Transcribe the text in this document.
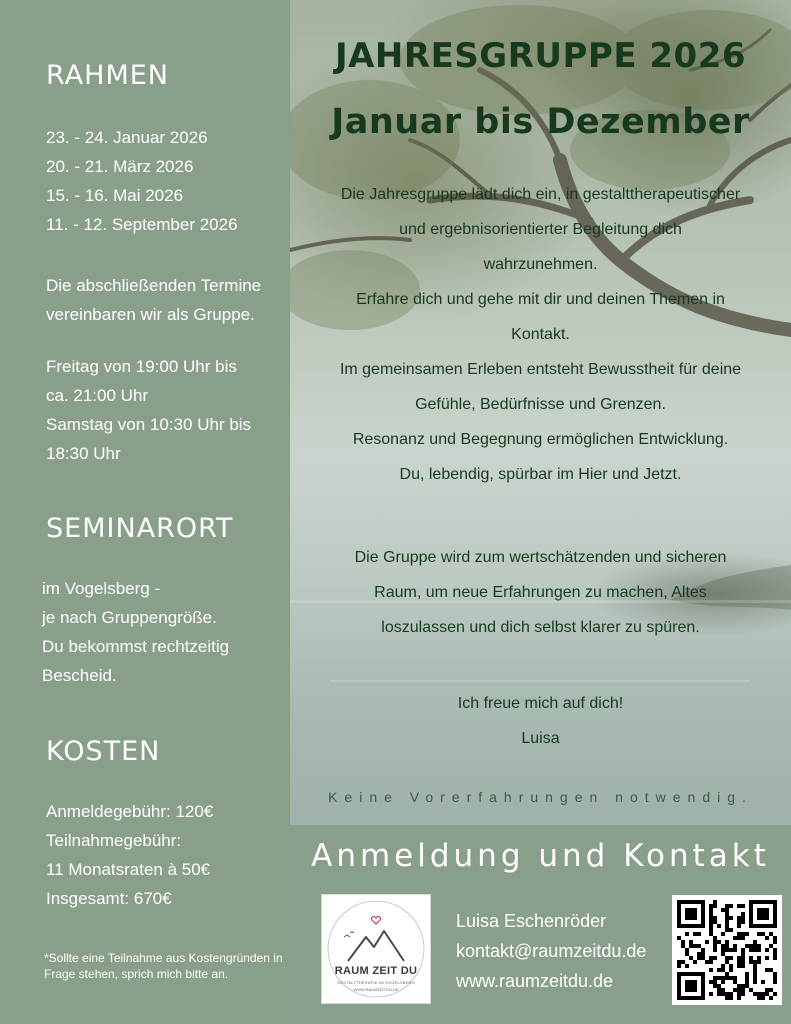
RAHMEN
23. - 24. Januar 2026
20. - 21. März 2026
15. - 16. Mai 2026
11. - 12. September 2026
Die abschließenden Termine
vereinbaren wir als Gruppe.
Freitag von 19:00 Uhr bis
ca. 21:00 Uhr
Samstag von 10:30 Uhr bis
18:30 Uhr
SEMINARORT
im Vogelsberg -
je nach Gruppengröße.
Du bekommst rechtzeitig
Bescheid.
KOSTEN
Anmeldegebühr: 120€
Teilnahmegebühr:
11 Monatsraten à 50€
Insgesamt: 670€
*Sollte eine Teilnahme aus Kostengründen in Frage stehen, sprich mich bitte an.
JAHRESGRUPPE 2026
Januar bis Dezember
Die Jahresgruppe lädt dich ein, in gestalttherapeutischer
und ergebnisorientierter Begleitung dich
wahrzunehmen.
Erfahre dich und gehe mit dir und deinen Themen in
Kontakt.
Im gemeinsamen Erleben entsteht Bewusstheit für deine
Gefühle, Bedürfnisse und Grenzen.
Resonanz und Begegnung ermöglichen Entwicklung.
Du, lebendig, spürbar im Hier und Jetzt.
Die Gruppe wird zum wertschätzenden und sicheren
Raum, um neue Erfahrungen zu machen, Altes
loszulassen und dich selbst klarer zu spüren.
Ich freue mich auf dich!
Luisa
Keine Vorerfahrungen notwendig.
Anmeldung und Kontakt
RAUM ZEIT DU
GESTALTTHERAPIE IM VOGELSBERG
WWW.RAUMZEITDU.DE
Luisa Eschenröder
kontakt@raumzeitdu.de
www.raumzeitdu.de
